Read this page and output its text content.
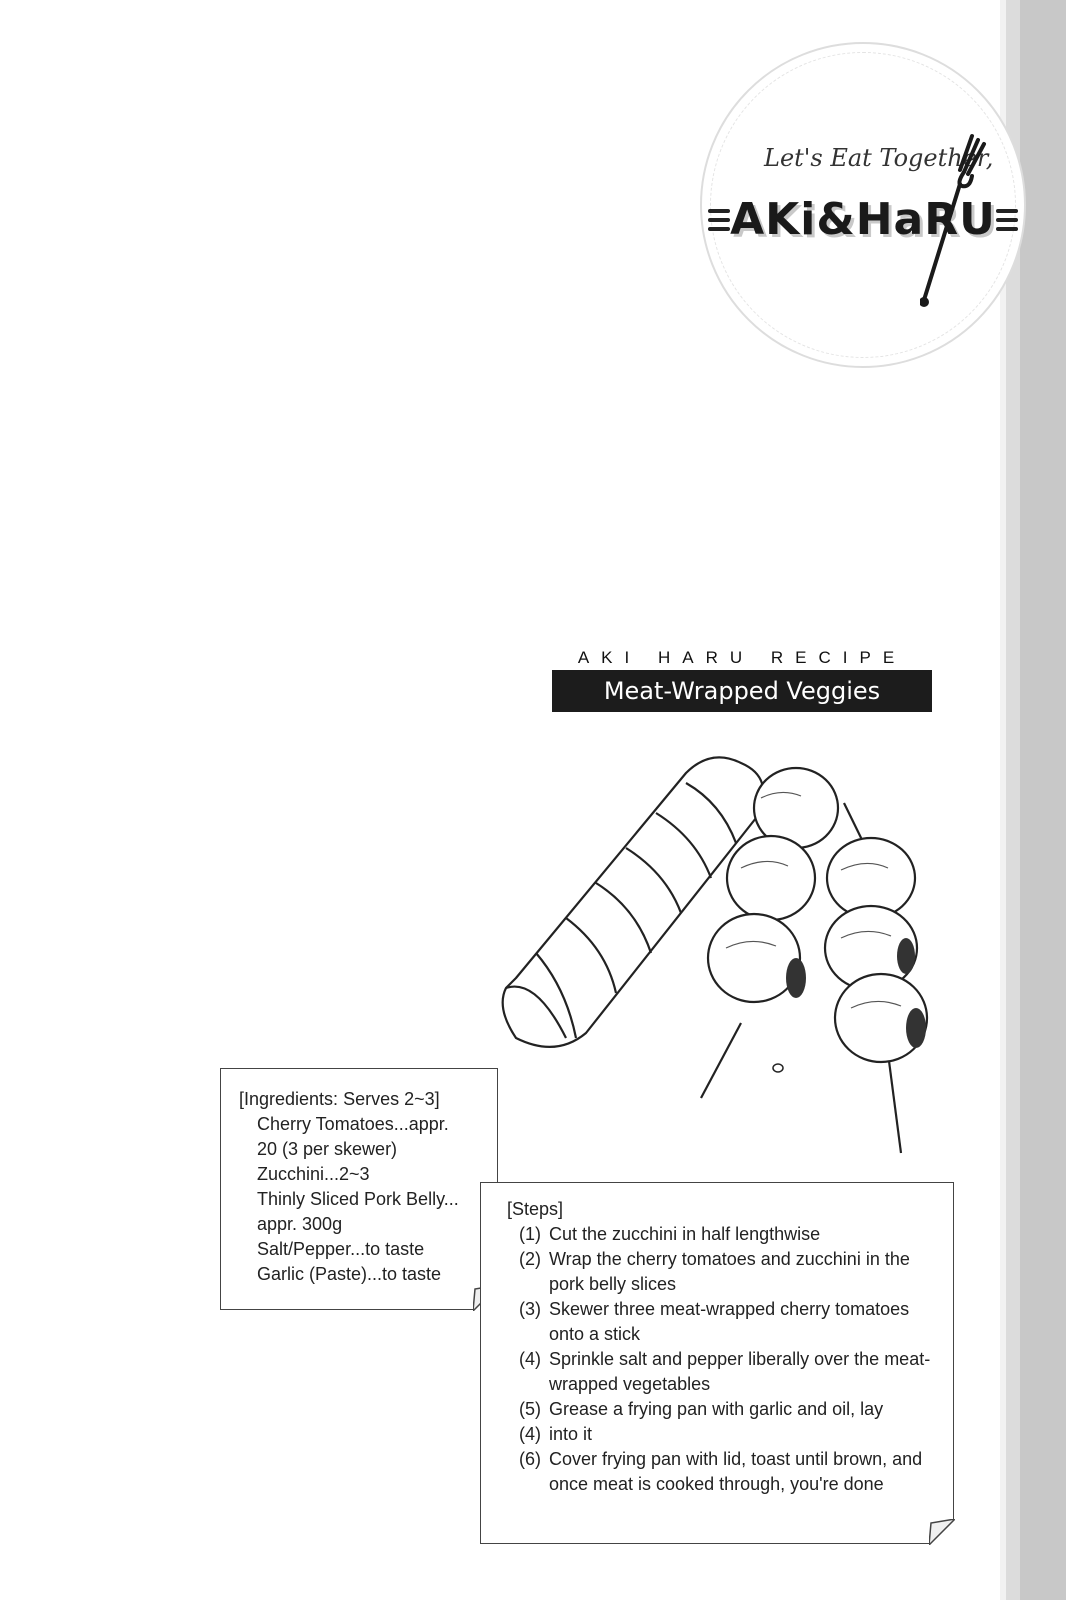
Let's Eat Together,
AKi&HaRU
AKI HARU RECIPE
Meat-Wrapped Veggies
[Ingredients: Serves 2~3]
Cherry Tomatoes...appr.
20 (3 per skewer)
Zucchini...2~3
Thinly Sliced Pork Belly...
appr. 300g
Salt/Pepper...to taste
Garlic (Paste)...to taste
[Steps]
(1) Cut the zucchini in half lengthwise
(2) Wrap the cherry tomatoes and zucchini in the pork belly slices
(3) Skewer three meat-wrapped cherry tomatoes onto a stick
(4) Sprinkle salt and pepper liberally over the meat-wrapped vegetables
(5) Grease a frying pan with garlic and oil, lay
(4) into it
(6) Cover frying pan with lid, toast until brown, and once meat is cooked through, you're done
